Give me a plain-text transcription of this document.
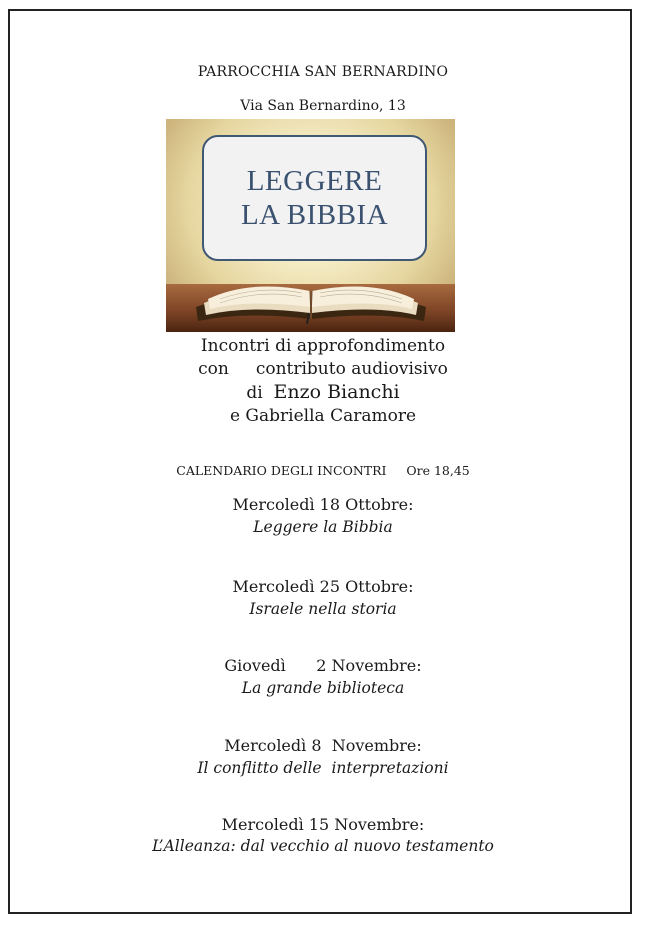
PARROCCHIA SAN BERNARDINO
Via San Bernardino, 13
LEGGERE
LA BIBBIA
Incontri di approfondimento
con     contributo audiovisivo
di  Enzo Bianchi
e Gabriella Caramore
CALENDARIO DEGLI INCONTRI Ore 18,45
Mercoledì 18 Ottobre:
Leggere la Bibbia
Mercoledì 25 Ottobre:
Israele nella storia
Giovedì      2 Novembre:
La grande biblioteca
Mercoledì 8  Novembre:
Il conflitto delle  interpretazioni
Mercoledì 15 Novembre:
L’Alleanza: dal vecchio al nuovo testamento
